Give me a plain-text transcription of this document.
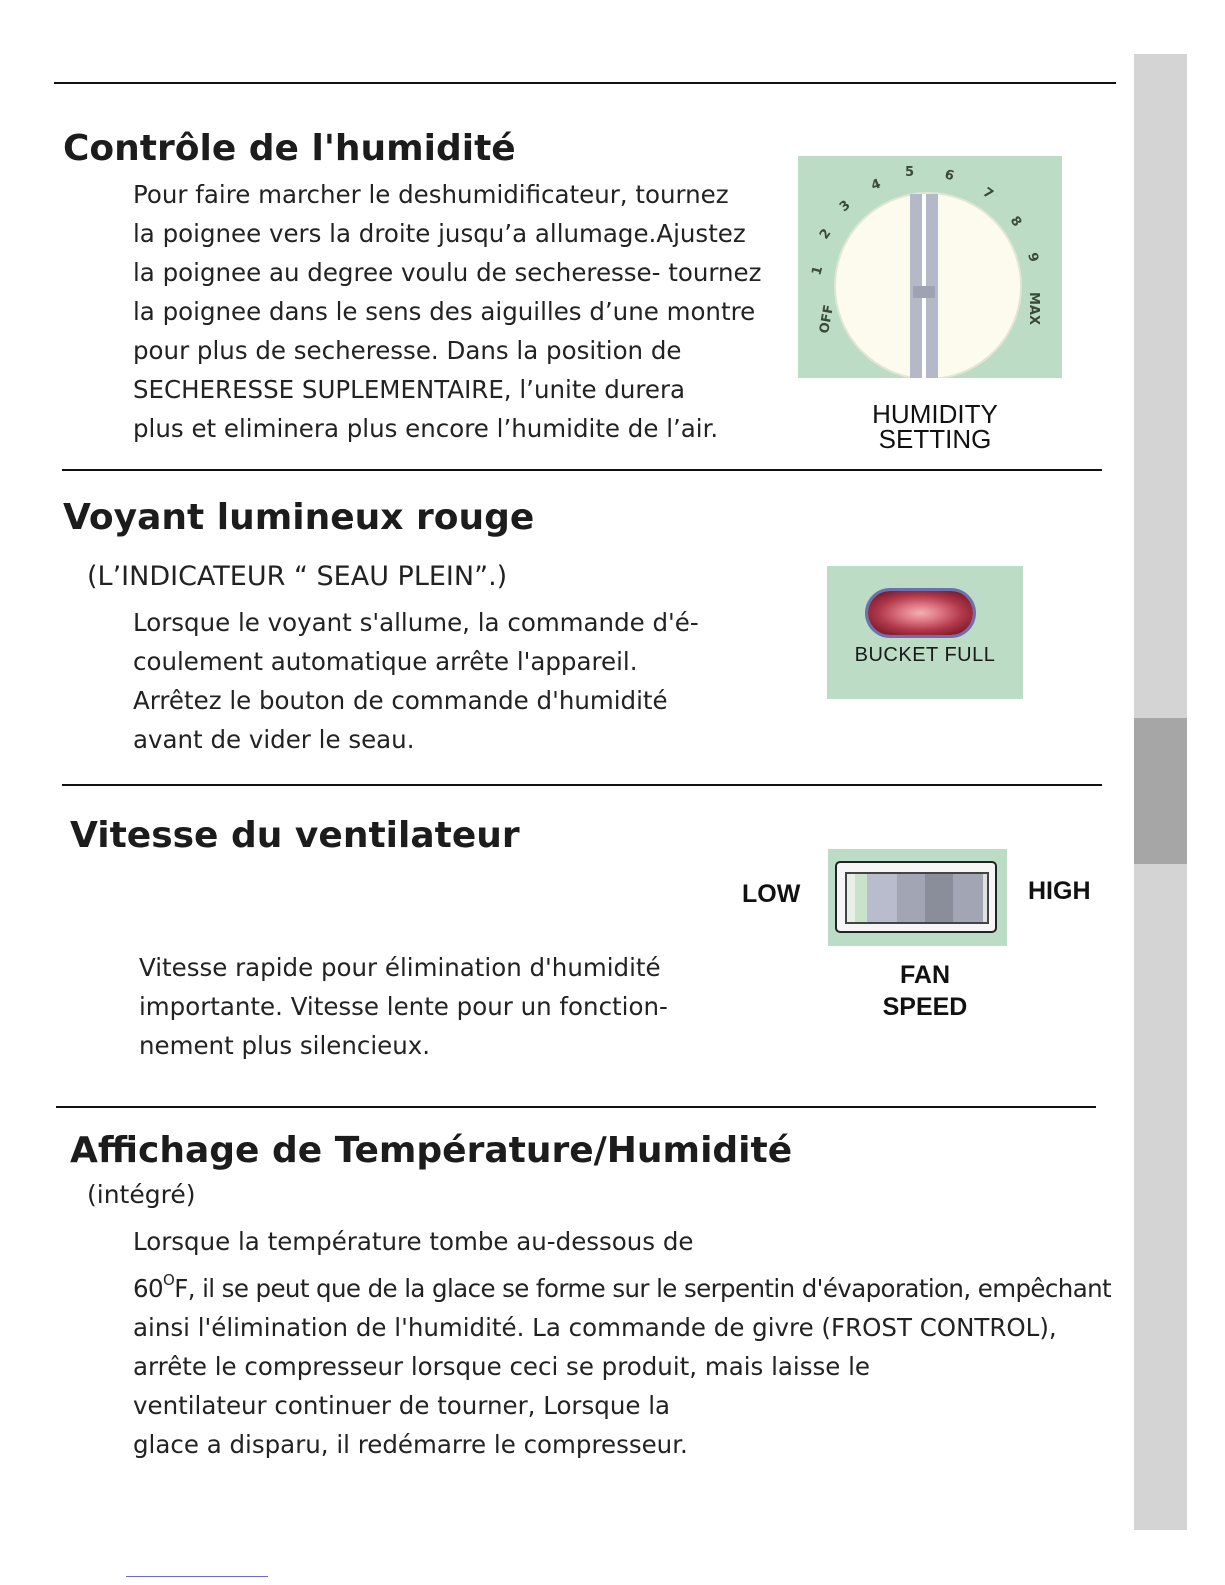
Contrôle de l'humidité
Pour faire marcher le deshumidificateur, tournez
la poignee vers la droite jusqu’a allumage.Ajustez
la poignee au degree voulu de secheresse- tournez
la poignee dans le sens des aiguilles d’une montre
pour plus de secheresse. Dans la position de
SECHERESSE SUPLEMENTAIRE, l’unite durera
plus et eliminera plus encore l’humidite de l’air.
OFF
1
2
3
4
5 6
7
8
9
MAX
HUMIDITY
SETTING
Voyant lumineux rouge
(L’INDICATEUR “ SEAU PLEIN”.)
Lorsque le voyant s'allume, la commande d'é-
coulement automatique arrête l'appareil.
Arrêtez le bouton de commande d'humidité
avant de vider le seau.
BUCKET FULL
Vitesse du ventilateur
Vitesse rapide pour élimination d'humidité
importante. Vitesse lente pour un fonction-
nement plus silencieux.
LOW	HIGH
FAN
SPEED
Affichage de Température/Humidité
(intégré)
Lorsque la température tombe au-dessous de
$60^OF$, il se peut que de la glace se forme sur le serpentin d'évaporation, empêchant
ainsi l'élimination de l'humidité. La commande de givre (FROST CONTROL),
arrête le compresseur lorsque ceci se produit, mais laisse le
ventilateur continuer de tourner, Lorsque la
glace a disparu, il redémarre le compresseur.
